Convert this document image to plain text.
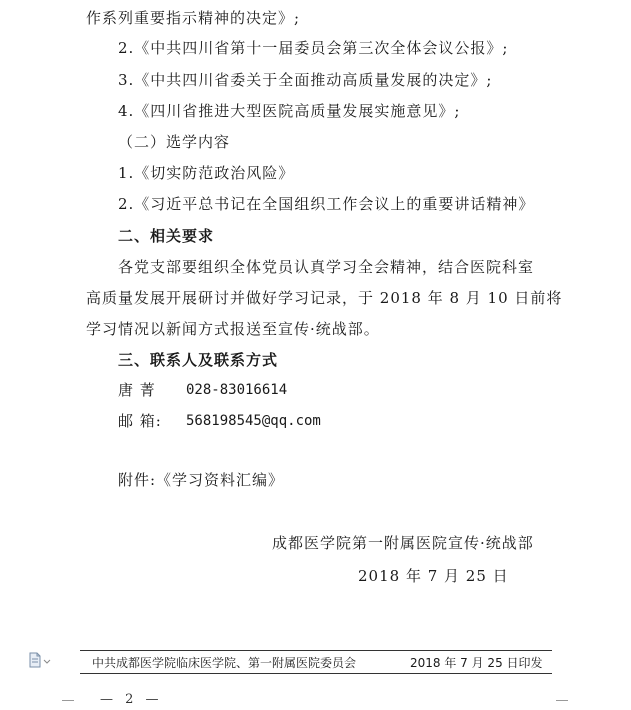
作系列重要指示精神的决定》;
2.《中共四川省第十一届委员会第三次全体会议公报》;
3.《中共四川省委关于全面推动高质量发展的决定》;
4.《四川省推进大型医院高质量发展实施意见》;
（二）选学内容
1.《切实防范政治风险》
2.《习近平总书记在全国组织工作会议上的重要讲话精神》
二、相关要求
各党支部要组织全体党员认真学习全会精神，结合医院科室
高质量发展开展研讨并做好学习记录，于 2018 年 8 月 10 日前将
学习情况以新闻方式报送至宣传·统战部。
三、联系人及联系方式
唐 菁 028-83016614
邮 箱: 568198545@qq.com
附件:《学习资料汇编》
成都医学院第一附属医院宣传·统战部
2018 年 7 月 25 日
中共成都医学院临床医学院、第一附属医院委员会	2018 年 7 月 25 日印发
— 2 —
